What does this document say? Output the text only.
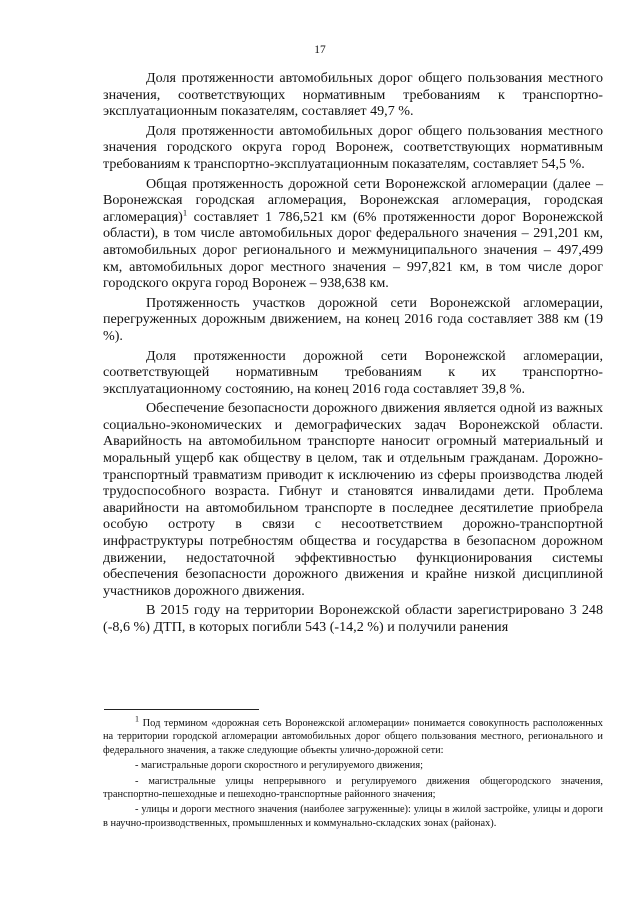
17

Доля протяженности автомобильных дорог общего пользования местного значения, соответствующих нормативным требованиям к транспортно-эксплуатационным показателям, составляет 49,7 %.

Доля протяженности автомобильных дорог общего пользования местного значения городского округа город Воронеж, соответствующих нормативным требованиям к транспортно-эксплуатационным показателям, составляет 54,5 %.

Общая протяженность дорожной сети Воронежской агломерации (далее – Воронежская городская агломерация, Воронежская агломерация, городская агломерация)$^1$ составляет 1 786,521 км (6% протяженности дорог Воронежской области), в том числе автомобильных дорог федерального значения – 291,201 км, автомобильных дорог регионального и межмуниципального значения – 497,499 км, автомобильных дорог местного значения – 997,821 км, в том числе дорог городского округа город Воронеж – 938,638 км.

Протяженность участков дорожной сети Воронежской агломерации, перегруженных дорожным движением, на конец 2016 года составляет 388 км (19 %).

Доля протяженности дорожной сети Воронежской агломерации, соответствующей нормативным требованиям к их транспортно-эксплуатационному состоянию, на конец 2016 года составляет 39,8 %.

Обеспечение безопасности дорожного движения является одной из важных социально-экономических и демографических задач Воронежской области. Аварийность на автомобильном транспорте наносит огромный материальный и моральный ущерб как обществу в целом, так и отдельным гражданам. Дорожно-транспортный травматизм приводит к исключению из сферы производства людей трудоспособного возраста. Гибнут и становятся инвалидами дети. Проблема аварийности на автомобильном транспорте в последнее десятилетие приобрела особую остроту в связи с несоответствием дорожно-транспортной инфраструктуры потребностям общества и государства в безопасном дорожном движении, недостаточной эффективностью функционирования системы обеспечения безопасности дорожного движения и крайне низкой дисциплиной участников дорожного движения.

В 2015 году на территории Воронежской области зарегистрировано 3 248 (-8,6 %) ДТП, в которых погибли 543 (-14,2 %) и получили ранения

$^1$ Под термином «дорожная сеть Воронежской агломерации» понимается совокупность расположенных на территории городской агломерации автомобильных дорог общего пользования местного, регионального и федерального значения, а также следующие объекты улично-дорожной сети:

- магистральные дороги скоростного и регулируемого движения;

- магистральные улицы непрерывного и регулируемого движения общегородского значения, транспортно-пешеходные и пешеходно-транспортные районного значения;

- улицы и дороги местного значения (наиболее загруженные): улицы в жилой застройке, улицы и дороги в научно-производственных, промышленных и коммунально-складских зонах (районах).
